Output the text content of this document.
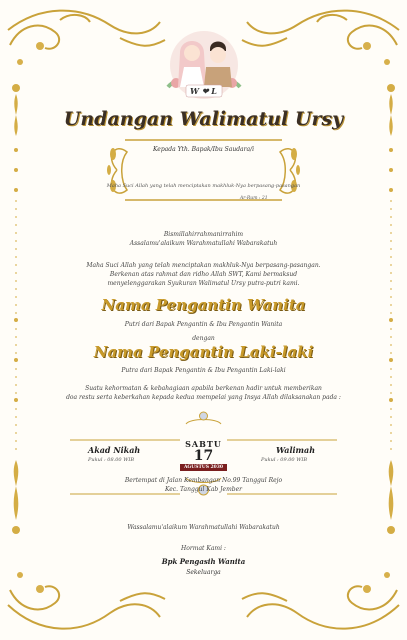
W ❤ L
Undangan Walimatul Ursy
Kepada Yth. Bapak/Ibu Saudara/i
Maha Suci Allah yang telah menciptakan makhluk-Nya berpasang-pasangan
Ar-Rum : 21
Bismillahirrahmanirrahim
Assalamu'alaikum Warahmatullahi Wabarakatuh
Maha Suci Allah yang telah menciptakan makhluk-Nya berpasang-pasangan.
Berkenan atas rahmat dan ridho Allah SWT, Kami bermaksud
menyelenggarakan Syukuran Walimatul Ursy putra-putri kami.
Nama Pengantin Wanita
Putri dari Bapak Pengantin & Ibu Pengantin Wanita
dengan
Nama Pengantin Laki-laki
Putra dari Bapak Pengantin & Ibu Pengantin Laki-laki
Suatu kehormatan & kebahagiaan apabila berkenan hadir untuk memberikan
doa restu serta keberkahan kepada kedua mempelai yang Insya Allah dilaksanakan pada :
Akad Nikah
Pukul : 08.00 WIB
SABTU
17
AGUSTUS 2030
Walimah
Pukul : 09.00 WIB
Bertempat di Jalan Kembangan No.99 Tanggul Rejo
Kec. Tanggul Kab Jember
Wassalamu'alaikum Warahmatullahi Wabarakatuh
Hormat Kami :
Bpk Pengasih Wanita
Sekeluarga
